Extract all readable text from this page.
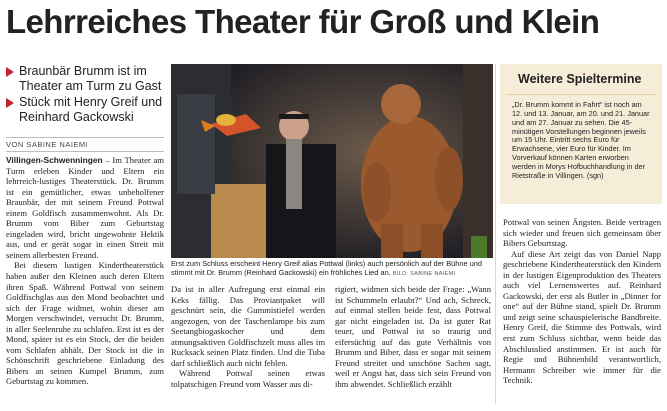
Lehrreiches Theater für Groß und Klein
Braunbär Brumm ist im Theater am Turm zu Gast
Stück mit Henry Greif und Reinhard Gackowski
VON SABINE NAIEMI

Villingen-Schwenningen – Im Theater am Turm erleben Kinder und Eltern ein lehrreich-lustiges Theaterstück. Dr. Brumm ist ein gemütlicher, etwas unbeholfener Braunbär, der mit seinem Freund Pottwal einem Goldfisch zusammenwohnt. Als Dr. Brumm vom Biber zum Geburtstag eingeladen wird, bricht ungewohnte Hektik aus, und er gerät sogar in einen Streit mit seinem allerbesten Freund.

Bei diesem lustigen Kindertheaterstück haben außer den Kleinen auch deren Eltern ihren Spaß. Während Pottwal von seinem Goldfischglas aus den Mond beobachtet und sich der Frage widmet, wohin dieser am Morgen verschwindet, versucht Dr. Brumm, in aller Seelenruhe zu schlafen. Erst ist es der Mond, später ist es ein Stock, der die beiden vom Schlafen abhält. Der Stock ist die in Schönschrift geschriebene Einladung des Bibers an seinen Kumpel Brumm, zum Geburtstag zu kommen.

Erst zum Schluss erscheint Henry Greif alias Pottwal (links) auch persönlich auf der Bühne und stimmt mit Dr. Brumm (Reinhard Gackowski) ein fröhliches Lied an. BILD: SABINE NAIEMI

Da ist in aller Aufregung erst einmal ein Keks fällig. Das Proviantpaket will geschnürt sein, die Gummistiefel werden angezogen, von der Taschenlampe bis zum Seetangbiogaskocher und dem atmungsaktiven Goldfischzelt muss alles im Rucksack seinen Platz finden. Und die Tuba darf schließlich auch nicht fehlen.

Während Pottwal seinen etwas tolpatschigen Freund vom Wasser aus di-

rigiert, widmen sich beide der Frage: „Wann ist Schummeln erlaubt?“ Und ach, Schreck, auf einmal stellen beide fest, dass Pottwal gar nicht eingeladen ist. Da ist guter Rat teuer, und Pottwal ist so traurig und eifersüchtig auf das gute Verhältnis von Brumm und Biber, dass er sogar mit seinem Freund streitet und unschöne Sachen sagt, weil er Angst hat, dass sich sein Freund von ihm abwendet. Schließlich erzählt

Weitere Spieltermine
„Dr. Brumm kommt in Fahrt“ ist noch am 12. und 13. Januar, am 20. und 21. Januar und am 27. Januar zu sehen. Die 45-minütigen Vorstellungen beginnen jeweils um 15 Uhr. Eintritt sechs Euro für Erwachsene, vier Euro für Kinder. Im Vorverkauf können Karten erworben werden in Morys Hofbuchhandlung in der Rietstraße in Villingen. (sgn)

Pottwal von seinen Ängsten. Beide vertragen sich wieder und freuen sich gemeinsam über Bibers Geburtstag.

Auf diese Art zeigt das von Daniel Napp geschriebene Kindertheaterstück den Kindern in der lustigen Eigenproduktion des Theaters auch viel Lernenswertes auf. Reinhard Gackowski, der erst als Butler in „Dinner for one“ auf der Bühne stand, spielt Dr. Brumm und zeigt seine schauspielerische Bandbreite. Henry Greif, die Stimme des Pottwals, wird erst zum Schluss sichtbar, wenn beide das Abschlusslied anstimmen. Er ist auch für Regie und Bühnenbild verantwortlich, Hermann Schreiber wie immer für die Technik.
